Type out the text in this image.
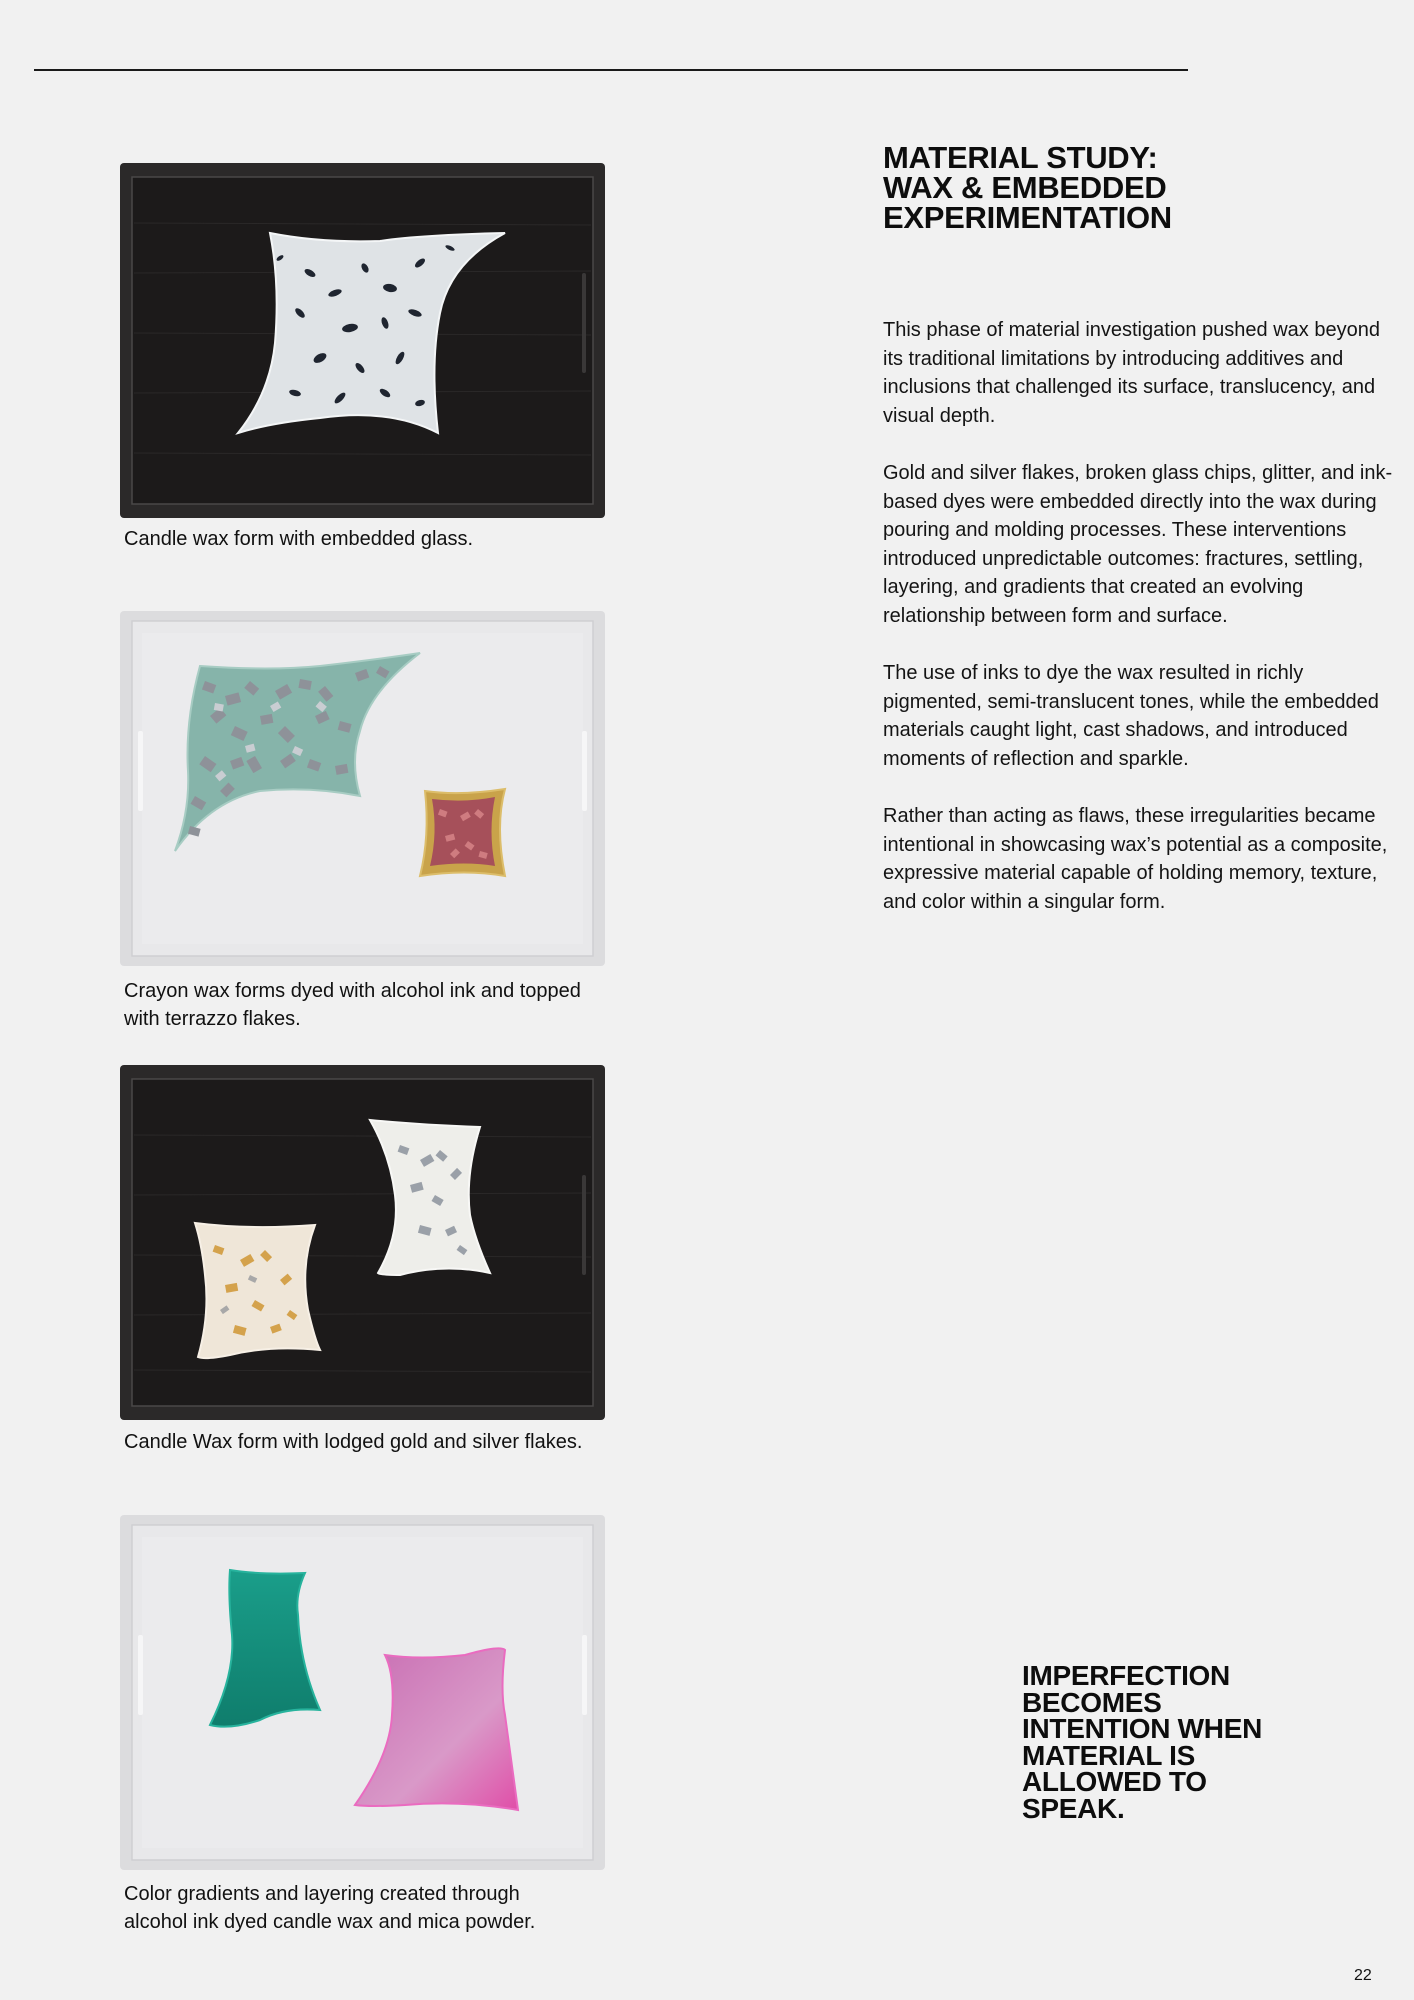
Candle wax form with embedded glass.

Crayon wax forms dyed with alcohol ink and topped with terrazzo flakes.

Candle Wax form with lodged gold and silver flakes.

Color gradients and layering created through alcohol ink dyed candle wax and mica powder.

MATERIAL STUDY:
WAX & EMBEDDED
EXPERIMENTATION

This phase of material investigation pushed wax beyond its traditional limitations by introducing additives and inclusions that challenged its surface, translucency, and visual depth.

Gold and silver flakes, broken glass chips, glitter, and ink-based dyes were embedded directly into the wax during pouring and molding processes. These interventions introduced unpredictable outcomes: fractures, settling, layering, and gradients that created an evolving relationship between form and surface.

The use of inks to dye the wax resulted in richly pigmented, semi-translucent tones, while the embedded materials caught light, cast shadows, and introduced moments of reflection and sparkle.

Rather than acting as flaws, these irregularities became intentional in showcasing wax’s potential as a composite, expressive material capable of holding memory, texture, and color within a singular form.

IMPERFECTION
BECOMES
INTENTION WHEN
MATERIAL IS
ALLOWED TO
SPEAK.

22
